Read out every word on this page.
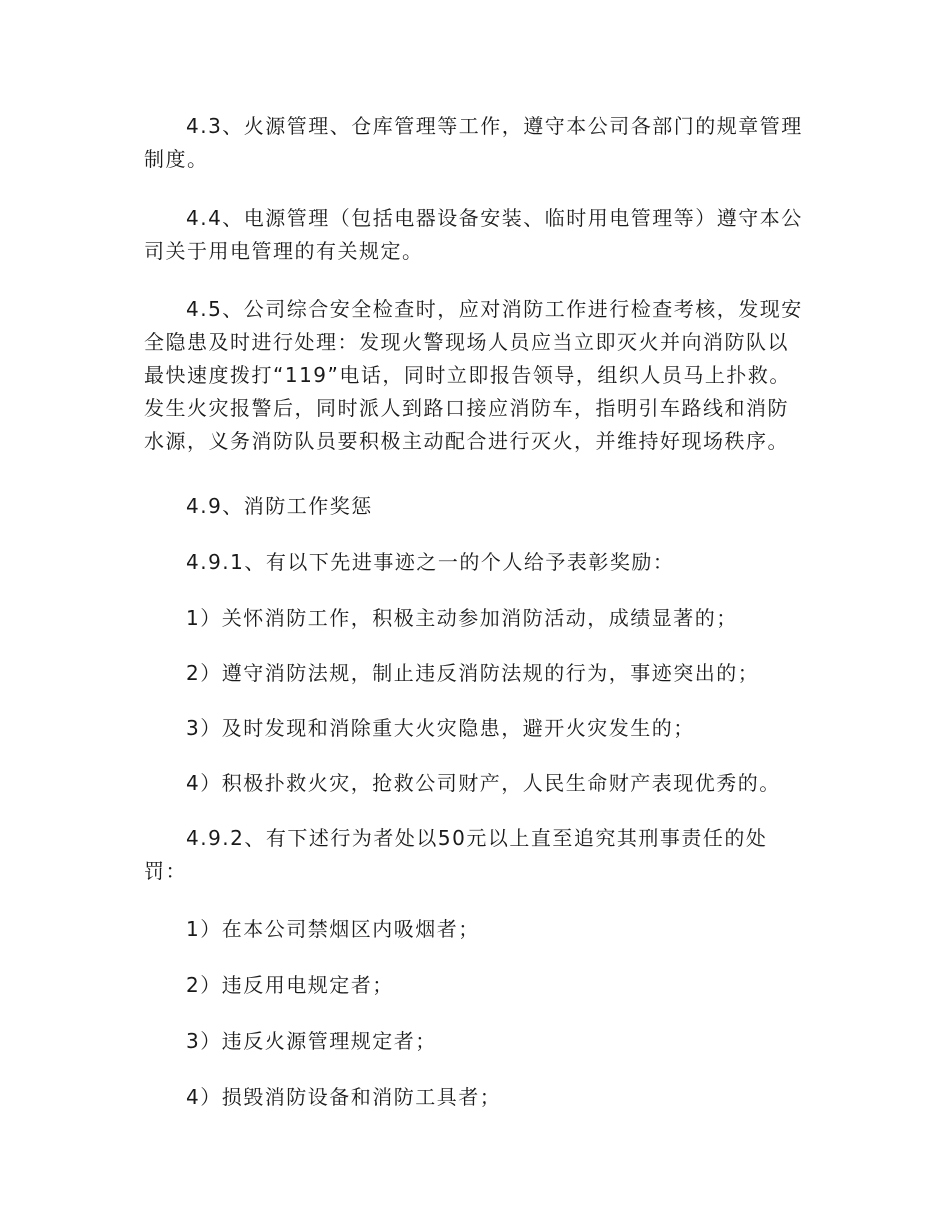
4.3、火源管理、仓库管理等工作，遵守本公司各部门的规章管理制度。

4.4、电源管理（包括电器设备安装、临时用电管理等）遵守本公司关于用电管理的有关规定。

4.5、公司综合安全检查时，应对消防工作进行检查考核，发现安全隐患及时进行处理：发现火警现场人员应当立即灭火并向消防队以最快速度拨打“119”电话，同时立即报告领导，组织人员马上扑救。发生火灾报警后，同时派人到路口接应消防车，指明引车路线和消防水源，义务消防队员要积极主动配合进行灭火，并维持好现场秩序。

4.9、消防工作奖惩

4.9.1、有以下先进事迹之一的个人给予表彰奖励：

1）关怀消防工作，积极主动参加消防活动，成绩显著的；

2）遵守消防法规，制止违反消防法规的行为，事迹突出的；

3）及时发现和消除重大火灾隐患，避开火灾发生的；

4）积极扑救火灾，抢救公司财产，人民生命财产表现优秀的。

4.9.2、有下述行为者处以50元以上直至追究其刑事责任的处罚：

1）在本公司禁烟区内吸烟者；

2）违反用电规定者；

3）违反火源管理规定者；

4）损毁消防设备和消防工具者；
